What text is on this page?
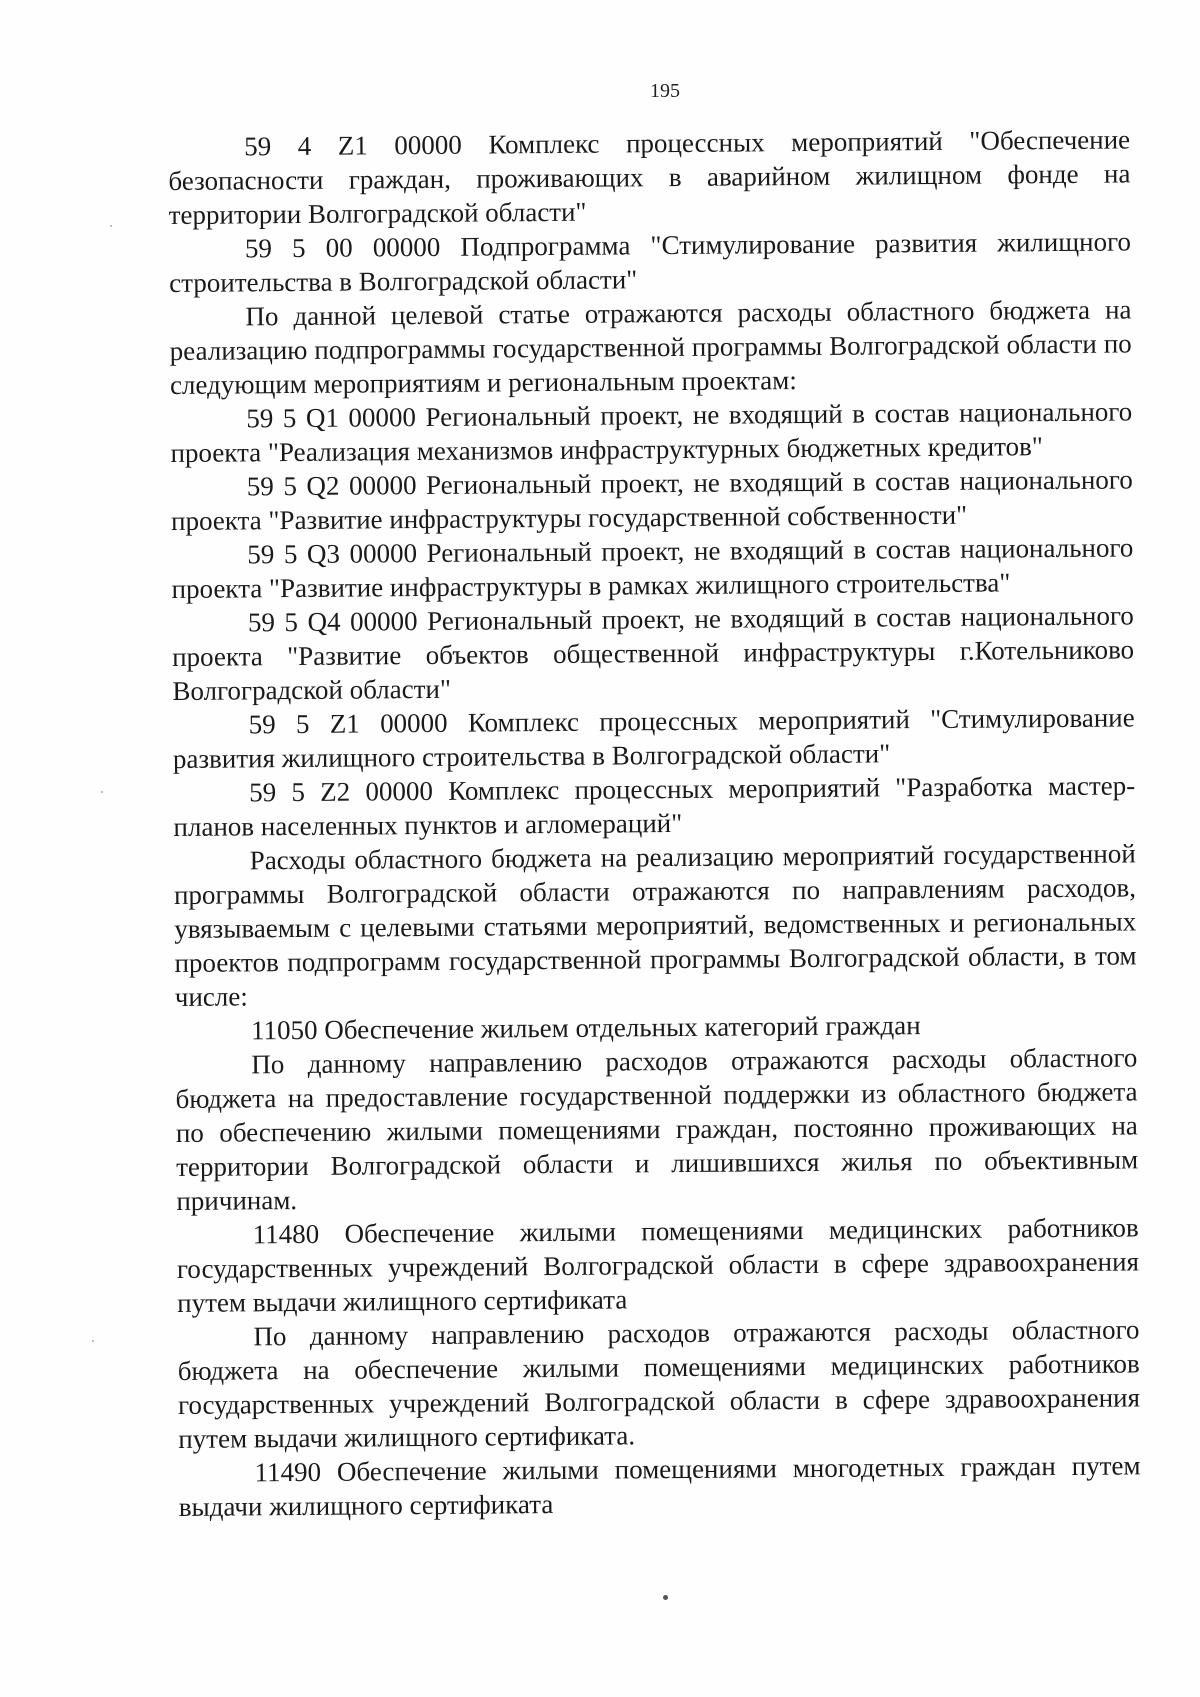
195

59 4 Z1 00000 Комплекс процессных мероприятий "Обеспечение безопасности граждан, проживающих в аварийном жилищном фонде на территории Волгоградской области"

59 5 00 00000 Подпрограмма "Стимулирование развития жилищного строительства в Волгоградской области"

По данной целевой статье отражаются расходы областного бюджета на реализацию подпрограммы государственной программы Волгоградской области по следующим мероприятиям и региональным проектам:

59 5 Q1 00000 Региональный проект, не входящий в состав национального проекта "Реализация механизмов инфраструктурных бюджетных кредитов"

59 5 Q2 00000 Региональный проект, не входящий в состав национального проекта "Развитие инфраструктуры государственной собственности"

59 5 Q3 00000 Региональный проект, не входящий в состав национального проекта "Развитие инфраструктуры в рамках жилищного строительства"

59 5 Q4 00000 Региональный проект, не входящий в состав национального проекта "Развитие объектов общественной инфраструктуры г.Котельниково Волгоградской области"

59 5 Z1 00000 Комплекс процессных мероприятий "Стимулирование развития жилищного строительства в Волгоградской области"

59 5 Z2 00000 Комплекс процессных мероприятий "Разработка мастер-планов населенных пунктов и агломераций"

Расходы областного бюджета на реализацию мероприятий государственной программы Волгоградской области отражаются по направлениям расходов, увязываемым с целевыми статьями мероприятий, ведомственных и региональных проектов подпрограмм государственной программы Волгоградской области, в том числе:

11050 Обеспечение жильем отдельных категорий граждан

По данному направлению расходов отражаются расходы областного бюджета на предоставление государственной поддержки из областного бюджета по обеспечению жилыми помещениями граждан, постоянно проживающих на территории Волгоградской области и лишившихся жилья по объективным причинам.

11480 Обеспечение жилыми помещениями медицинских работников государственных учреждений Волгоградской области в сфере здравоохранения путем выдачи жилищного сертификата

По данному направлению расходов отражаются расходы областного бюджета на обеспечение жилыми помещениями медицинских работников государственных учреждений Волгоградской области в сфере здравоохранения путем выдачи жилищного сертификата.

11490 Обеспечение жилыми помещениями многодетных граждан путем выдачи жилищного сертификата
